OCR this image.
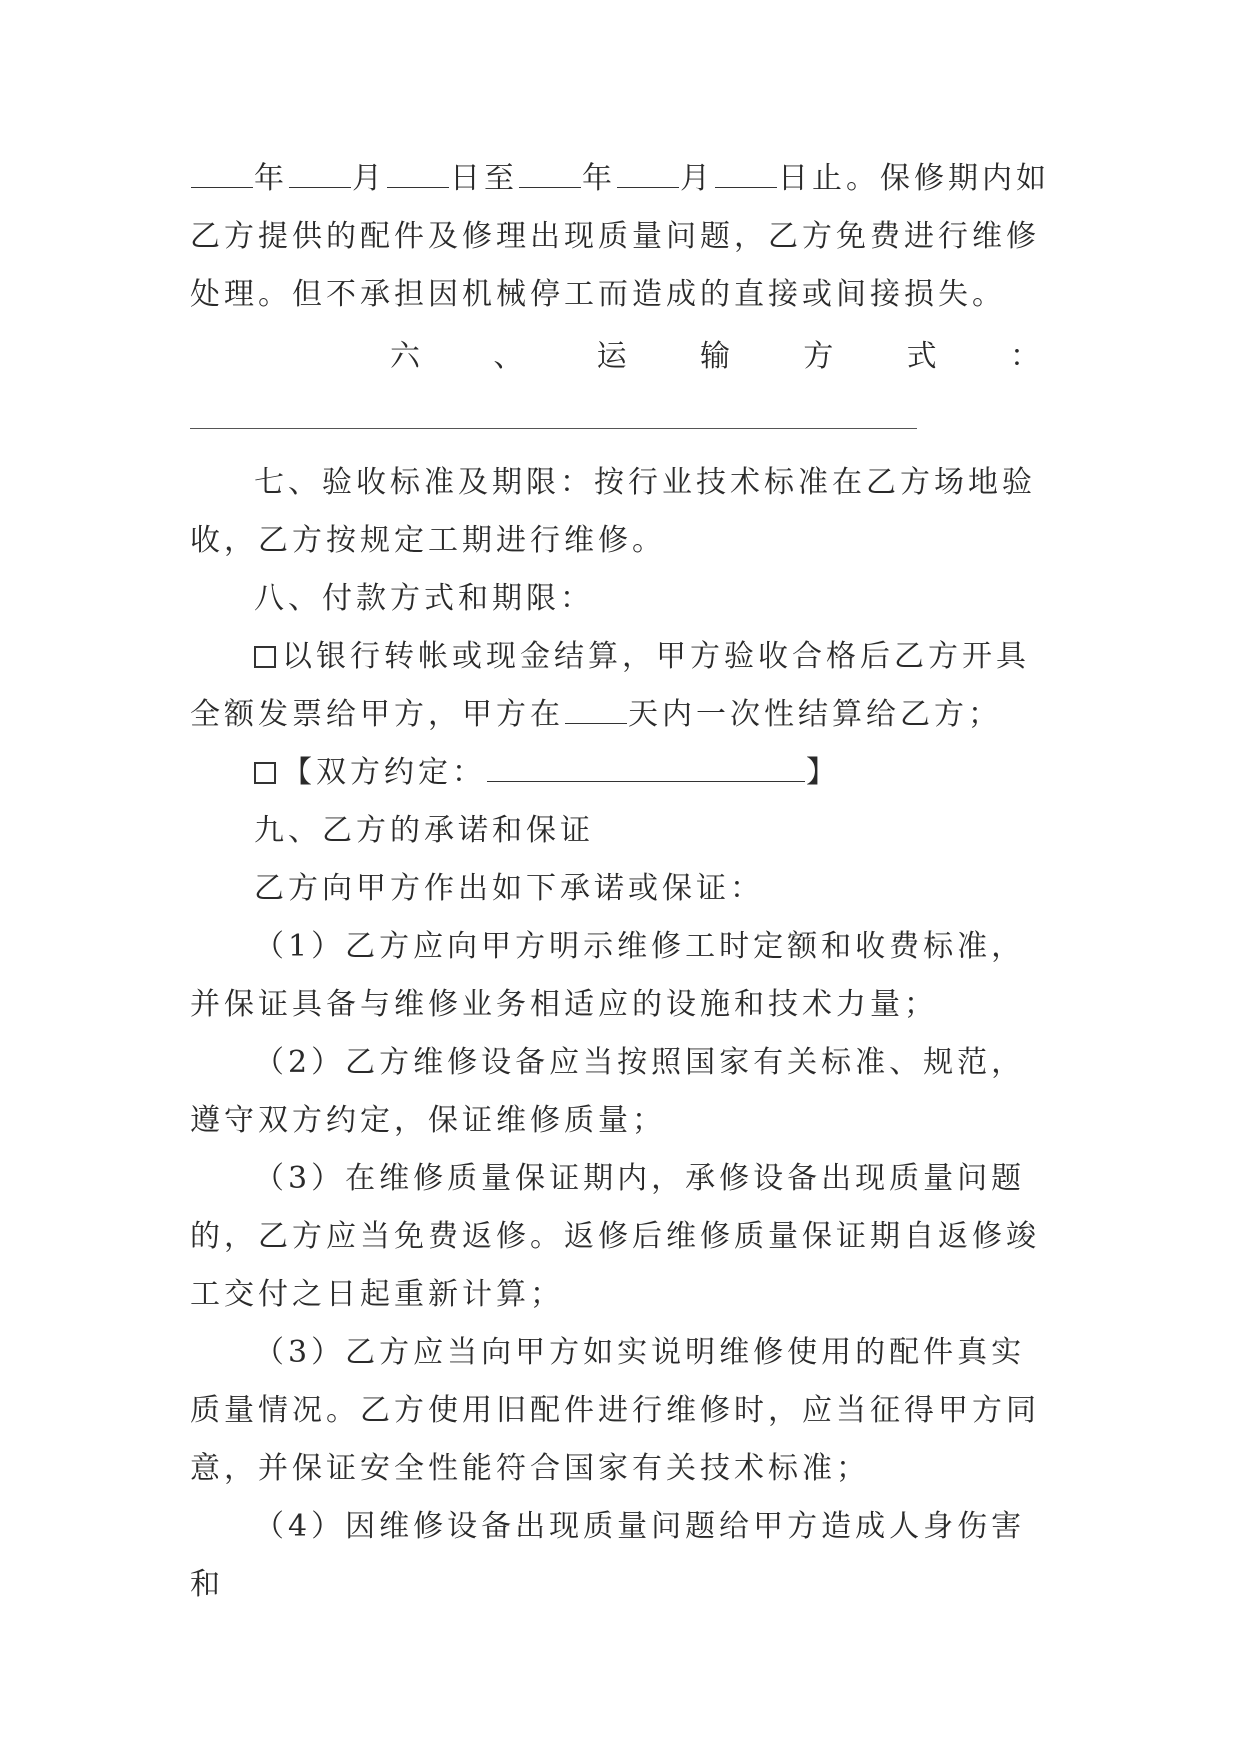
年 月 日至 年 月 日止。保修期内如乙方提供的配件及修理出现质量问题，乙方免费进行维修处理。但不承担因机械停工而造成的直接或间接损失。

六 、 运 输 方 式 ：

七、验收标准及期限：按行业技术标准在乙方场地验收，乙方按规定工期进行维修。

八、付款方式和期限：

以银行转帐或现金结算，甲方验收合格后乙方开具全额发票给甲方，甲方在 天内一次性结算给乙方；

【双方约定：	】

九、乙方的承诺和保证

乙方向甲方作出如下承诺或保证：

（1）乙方应向甲方明示维修工时定额和收费标准，并保证具备与维修业务相适应的设施和技术力量；

（2）乙方维修设备应当按照国家有关标准、规范，遵守双方约定，保证维修质量；

（3）在维修质量保证期内，承修设备出现质量问题的，乙方应当免费返修。返修后维修质量保证期自返修竣工交付之日起重新计算；

（3）乙方应当向甲方如实说明维修使用的配件真实质量情况。乙方使用旧配件进行维修时，应当征得甲方同意，并保证安全性能符合国家有关技术标准；

（4）因维修设备出现质量问题给甲方造成人身伤害和
